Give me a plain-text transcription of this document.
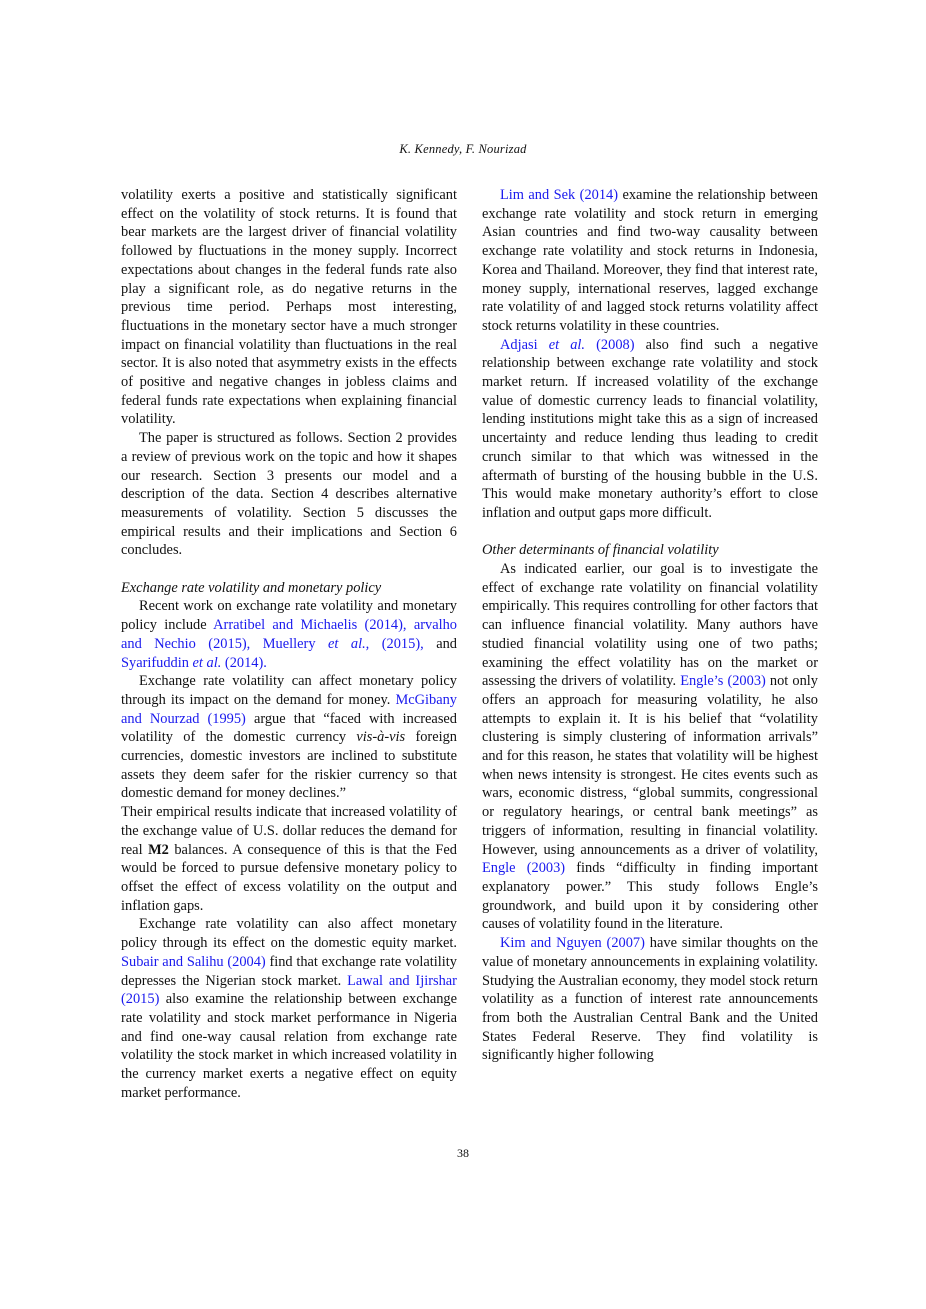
K. Kennedy, F. Nourizad

volatility exerts a positive and statistically significant effect on the volatility of stock returns. It is found that bear markets are the largest driver of financial volatility followed by fluctuations in the money supply. Incorrect expectations about changes in the federal funds rate also play a significant role, as do negative returns in the previous time period. Perhaps most interesting, fluctuations in the monetary sector have a much stronger impact on financial volatility than fluctuations in the real sector. It is also noted that asymmetry exists in the effects of positive and negative changes in jobless claims and federal funds rate expectations when explaining financial volatility.

The paper is structured as follows. Section 2 provides a review of previous work on the topic and how it shapes our research. Section 3 presents our model and a description of the data. Section 4 describes alternative measurements of volatility. Section 5 discusses the empirical results and their implications and Section 6 concludes.

Exchange rate volatility and monetary policy

Recent work on exchange rate volatility and monetary policy include Arratibel and Michaelis (2014), arvalho and Nechio (2015), Muellery et al., (2015), and Syarifuddin et al. (2014).

Exchange rate volatility can affect monetary policy through its impact on the demand for money. McGibany and Nourzad (1995) argue that “faced with increased volatility of the domestic currency vis-à-vis foreign currencies, domestic investors are inclined to substitute assets they deem safer for the riskier currency so that domestic demand for money declines.”

Their empirical results indicate that increased volatility of the exchange value of U.S. dollar reduces the demand for real M2 balances. A consequence of this is that the Fed would be forced to pursue defensive monetary policy to offset the effect of excess volatility on the output and inflation gaps.

Exchange rate volatility can also affect monetary policy through its effect on the domestic equity market. Subair and Salihu (2004) find that exchange rate volatility depresses the Nigerian stock market. Lawal and Ijirshar (2015) also examine the relationship between exchange rate volatility and stock market performance in Nigeria and find one-way causal relation from exchange rate volatility the stock market in which increased volatility in the currency market exerts a negative effect on equity market performance.

Lim and Sek (2014) examine the relationship between exchange rate volatility and stock return in emerging Asian countries and find two-way causality between exchange rate volatility and stock returns in Indonesia, Korea and Thailand. Moreover, they find that interest rate, money supply, international reserves, lagged exchange rate volatility of and lagged stock returns volatility affect stock returns volatility in these countries.

Adjasi et al. (2008) also find such a negative relationship between exchange rate volatility and stock market return. If increased volatility of the exchange value of domestic currency leads to financial volatility, lending institutions might take this as a sign of increased uncertainty and reduce lending thus leading to credit crunch similar to that which was witnessed in the aftermath of bursting of the housing bubble in the U.S. This would make monetary authority’s effort to close inflation and output gaps more difficult.

Other determinants of financial volatility

As indicated earlier, our goal is to investigate the effect of exchange rate volatility on financial volatility empirically. This requires controlling for other factors that can influence financial volatility. Many authors have studied financial volatility using one of two paths; examining the effect volatility has on the market or assessing the drivers of volatility. Engle’s (2003) not only offers an approach for measuring volatility, he also attempts to explain it. It is his belief that “volatility clustering is simply clustering of information arrivals” and for this reason, he states that volatility will be highest when news intensity is strongest. He cites events such as wars, economic distress, “global summits, congressional or regulatory hearings, or central bank meetings” as triggers of information, resulting in financial volatility. However, using announcements as a driver of volatility, Engle (2003) finds “difficulty in finding important explanatory power.” This study follows Engle’s groundwork, and build upon it by considering other causes of volatility found in the literature.

Kim and Nguyen (2007) have similar thoughts on the value of monetary announcements in explaining volatility. Studying the Australian economy, they model stock return volatility as a function of interest rate announcements from both the Australian Central Bank and the United States Federal Reserve. They find volatility is significantly higher following

38
